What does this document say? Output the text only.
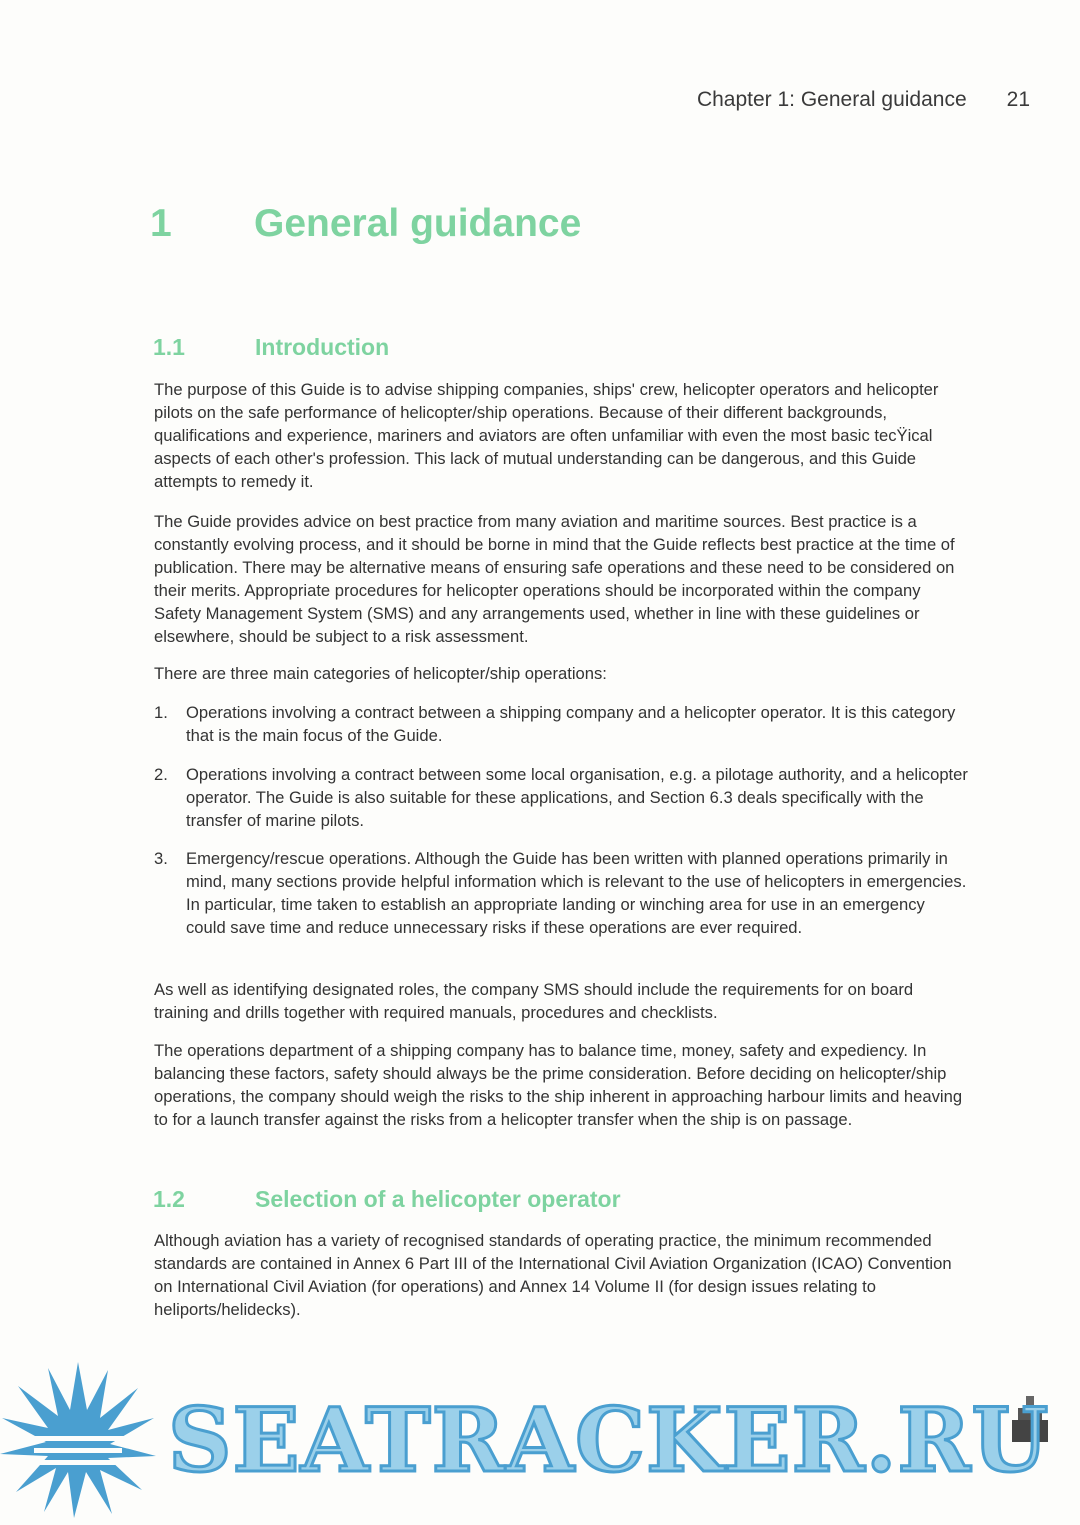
Chapter 1: General guidance 21
1	General guidance
1.1	Introduction

The purpose of this Guide is to advise shipping companies, ships' crew, helicopter operators and helicopter pilots on the safe performance of helicopter/ship operations. Because of their different backgrounds, qualifications and experience, mariners and aviators are often unfamiliar with even the most basic tecŸical aspects of each other's profession. This lack of mutual understanding can be dangerous, and this Guide attempts to remedy it.

The Guide provides advice on best practice from many aviation and maritime sources. Best practice is a constantly evolving process, and it should be borne in mind that the Guide reflects best practice at the time of publication. There may be alternative means of ensuring safe operations and these need to be considered on their merits. Appropriate procedures for helicopter operations should be incorporated within the company Safety Management System (SMS) and any arrangements used, whether in line with these guidelines or elsewhere, should be subject to a risk assessment.

There are three main categories of helicopter/ship operations:

1.	Operations involving a contract between a shipping company and a helicopter operator. It is this category that is the main focus of the Guide.
2.	Operations involving a contract between some local organisation, e.g. a pilotage authority, and a helicopter operator. The Guide is also suitable for these applications, and Section 6.3 deals specifically with the transfer of marine pilots.
3.	Emergency/rescue operations. Although the Guide has been written with planned operations primarily in mind, many sections provide helpful information which is relevant to the use of helicopters in emergencies. In particular, time taken to establish an appropriate landing or winching area for use in an emergency could save time and reduce unnecessary risks if these operations are ever required.

As well as identifying designated roles, the company SMS should include the requirements for on board training and drills together with required manuals, procedures and checklists.

The operations department of a shipping company has to balance time, money, safety and expediency. In balancing these factors, safety should always be the prime consideration. Before deciding on helicopter/ship operations, the company should weigh the risks to the ship inherent in approaching harbour limits and heaving to for a launch transfer against the risks from a helicopter transfer when the ship is on passage.

1.2	Selection of a helicopter operator

Although aviation has a variety of recognised standards of operating practice, the minimum recommended standards are contained in Annex 6 Part III of the International Civil Aviation Organization (ICAO) Convention on International Civil Aviation (for operations) and Annex 14 Volume II (for design issues relating to heliports/helidecks).

SEATRACKER.RU
